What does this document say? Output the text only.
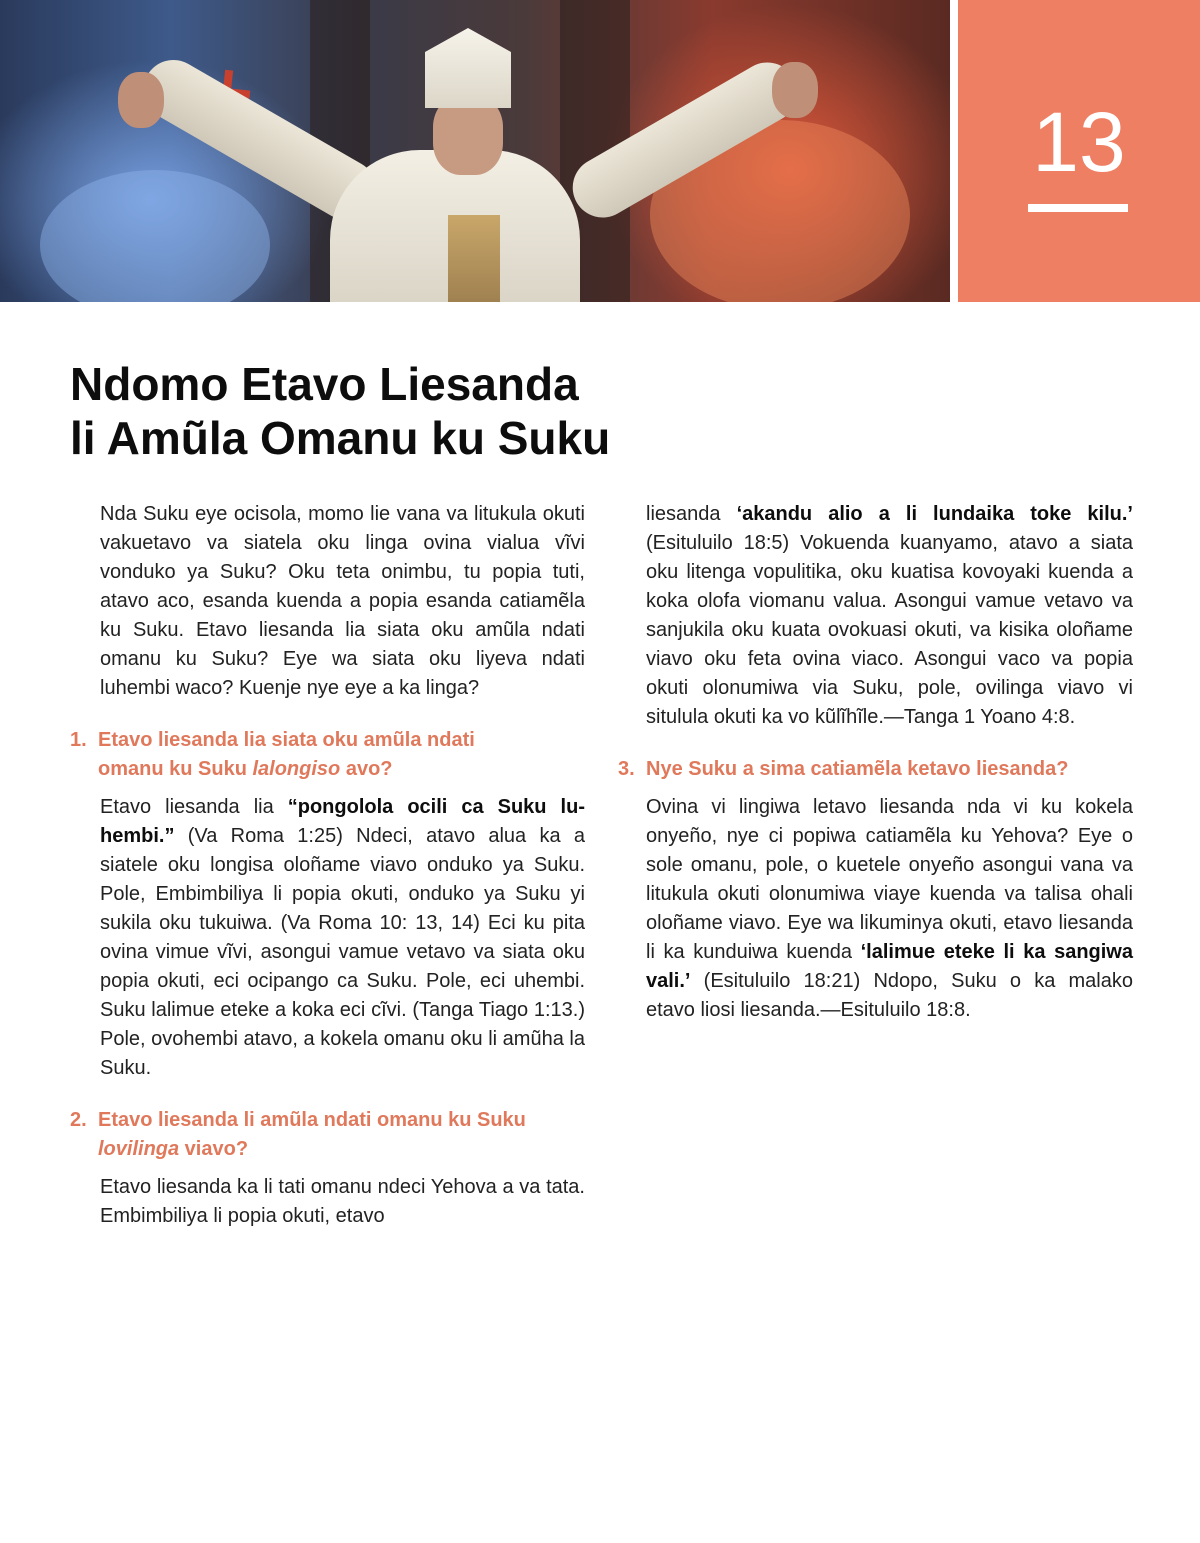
13
Ndomo Etavo Liesanda
li Amũla Omanu ku Suku

Nda Suku eye ocisola, momo lie vana va litukula okuti vakuetavo va siatela oku linga ovina vialua vĩvi vonduko ya Suku? Oku teta onimbu, tu popia tuti, atavo aco, esanda kuenda a popia esanda catiamẽla ku Suku. Etavo liesanda lia siata oku amũla ndati omanu ku Suku? Eye wa siata oku liyeva ndati luhembi waco? Kuenje nye eye a ka linga?

1. Etavo liesanda lia siata oku amũla ndati
omanu ku Suku lalongiso avo?

Etavo liesanda lia “pongolola ocili ca Suku luhembi.” (Va Roma 1:25) Ndeci, atavo alua ka a siatele oku longisa oloñame viavo onduko ya Suku. Pole, Embimbiliya li popia okuti, onduko ya Suku yi sukila oku tukuiwa. (Va Roma 10: 13, 14) Eci ku pita ovina vimue vĩvi, asongui vamue vetavo va siata oku popia okuti, eci ocipango ca Suku. Pole, eci uhembi. Suku lalimue eteke a koka eci cĩvi. (Tanga Tiago 1:13.) Pole, ovohembi atavo, a kokela omanu oku li amũha la Suku.

2. Etavo liesanda li amũla ndati omanu ku Suku
lovilinga viavo?

Etavo liesanda ka li tati omanu ndeci Yehova a va tata. Embimbiliya li popia okuti, etavo

liesanda ‘akandu alio a li lundaika toke kilu.’ (Esituluilo 18:5) Vokuenda kuanyamo, atavo a siata oku litenga vopulitika, oku kuatisa kovoyaki kuenda a koka olofa viomanu valua. Asongui vamue vetavo va sanjukila oku kuata ovokuasi okuti, va kisika oloñame viavo oku feta ovina viaco. Asongui vaco va popia okuti olonumiwa via Suku, pole, ovilinga viavo vi situlula okuti ka vo kũlĩhĩle.—Tanga 1 Yoano 4:8.

3. Nye Suku a sima catiamẽla ketavo liesanda?

Ovina vi lingiwa letavo liesanda nda vi ku kokela onyeño, nye ci popiwa catiamẽla ku Yehova? Eye o sole omanu, pole, o kuetele onyeño asongui vana va litukula okuti olonumiwa viaye kuenda va talisa ohali oloñame viavo. Eye wa likuminya okuti, etavo liesanda li ka kunduiwa kuenda ‘lalimue eteke li ka sangiwa vali.’ (Esituluilo 18:21) Ndopo, Suku o ka malako etavo liosi liesanda.—Esituluilo 18:8.
